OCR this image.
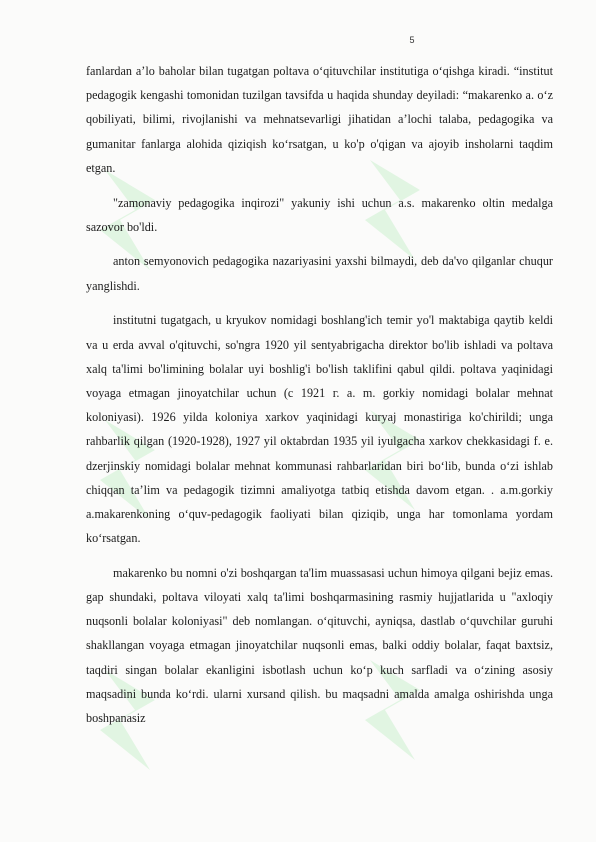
5

fanlardan a’lo baholar bilan tugatgan poltava o‘qituvchilar institutiga o‘qishga kiradi. “institut pedagogik kengashi tomonidan tuzilgan tavsifda u haqida shunday deyiladi: “makarenko a. o‘z qobiliyati, bilimi, rivojlanishi va mehnatsevarligi jihatidan a’lochi talaba, pedagogika va gumanitar fanlarga alohida qiziqish ko‘rsatgan, u ko'p o'qigan va ajoyib insholarni taqdim etgan.

"zamonaviy pedagogika inqirozi" yakuniy ishi uchun a.s. makarenko oltin medalga sazovor bo'ldi.

anton semyonovich pedagogika nazariyasini yaxshi bilmaydi, deb da'vo qilganlar chuqur yanglishdi.

institutni tugatgach, u kryukov nomidagi boshlang'ich temir yo'l maktabiga qaytib keldi va u erda avval o'qituvchi, so'ngra 1920 yil sentyabrigacha direktor bo'lib ishladi va poltava xalq ta'limi bo'limining bolalar uyi boshlig'i bo'lish taklifini qabul qildi. poltava yaqinidagi voyaga etmagan jinoyatchilar uchun (c 1921 г. a. m. gorkiy nomidagi bolalar mehnat koloniyasi). 1926 yilda koloniya xarkov yaqinidagi kuryaj monastiriga ko'chirildi; unga rahbarlik qilgan (1920-1928), 1927 yil oktabrdan 1935 yil iyulgacha xarkov chekkasidagi f. e. dzerjinskiy nomidagi bolalar mehnat kommunasi rahbarlaridan biri bo‘lib, bunda o‘zi ishlab chiqqan ta’lim va pedagogik tizimni amaliyotga tatbiq etishda davom etgan. . a.m.gorkiy a.makarenkoning o‘quv-pedagogik faoliyati bilan qiziqib, unga har tomonlama yordam ko‘rsatgan.

makarenko bu nomni o'zi boshqargan ta'lim muassasasi uchun himoya qilgani bejiz emas. gap shundaki, poltava viloyati xalq ta'limi boshqarmasining rasmiy hujjatlarida u "axloqiy nuqsonli bolalar koloniyasi" deb nomlangan. o‘qituvchi, ayniqsa, dastlab o‘quvchilar guruhi shakllangan voyaga etmagan jinoyatchilar nuqsonli emas, balki oddiy bolalar, faqat baxtsiz, taqdiri singan bolalar ekanligini isbotlash uchun ko‘p kuch sarfladi va o‘zining asosiy maqsadini bunda ko‘rdi. ularni xursand qilish. bu maqsadni amalda amalga oshirishda unga boshpanasiz
